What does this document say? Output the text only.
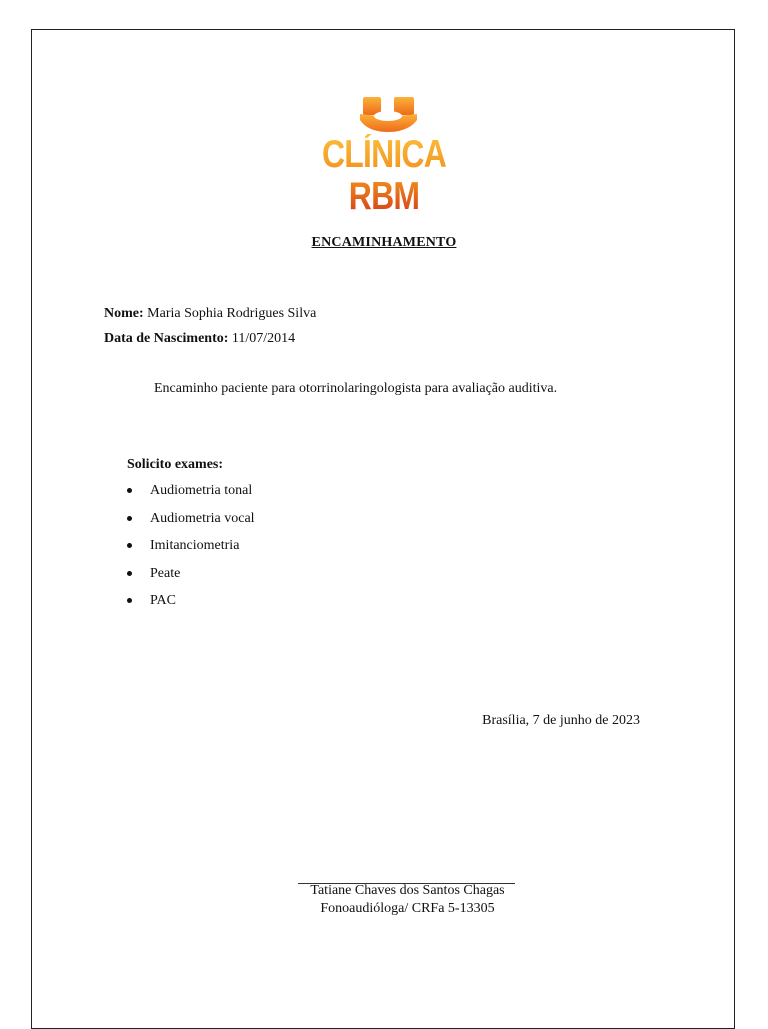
CLÍNICA RBM
ENCAMINHAMENTO
Nome: Maria Sophia Rodrigues Silva
Data de Nascimento: 11/07/2014
Encaminho paciente para otorrinolaringologista para avaliação auditiva.
Solicito exames:
Audiometria tonal
Audiometria vocal
Imitanciometria
Peate
PAC
Brasília, 7 de junho de 2023
Tatiane Chaves dos Santos Chagas
Fonoaudióloga/ CRFa 5-13305
